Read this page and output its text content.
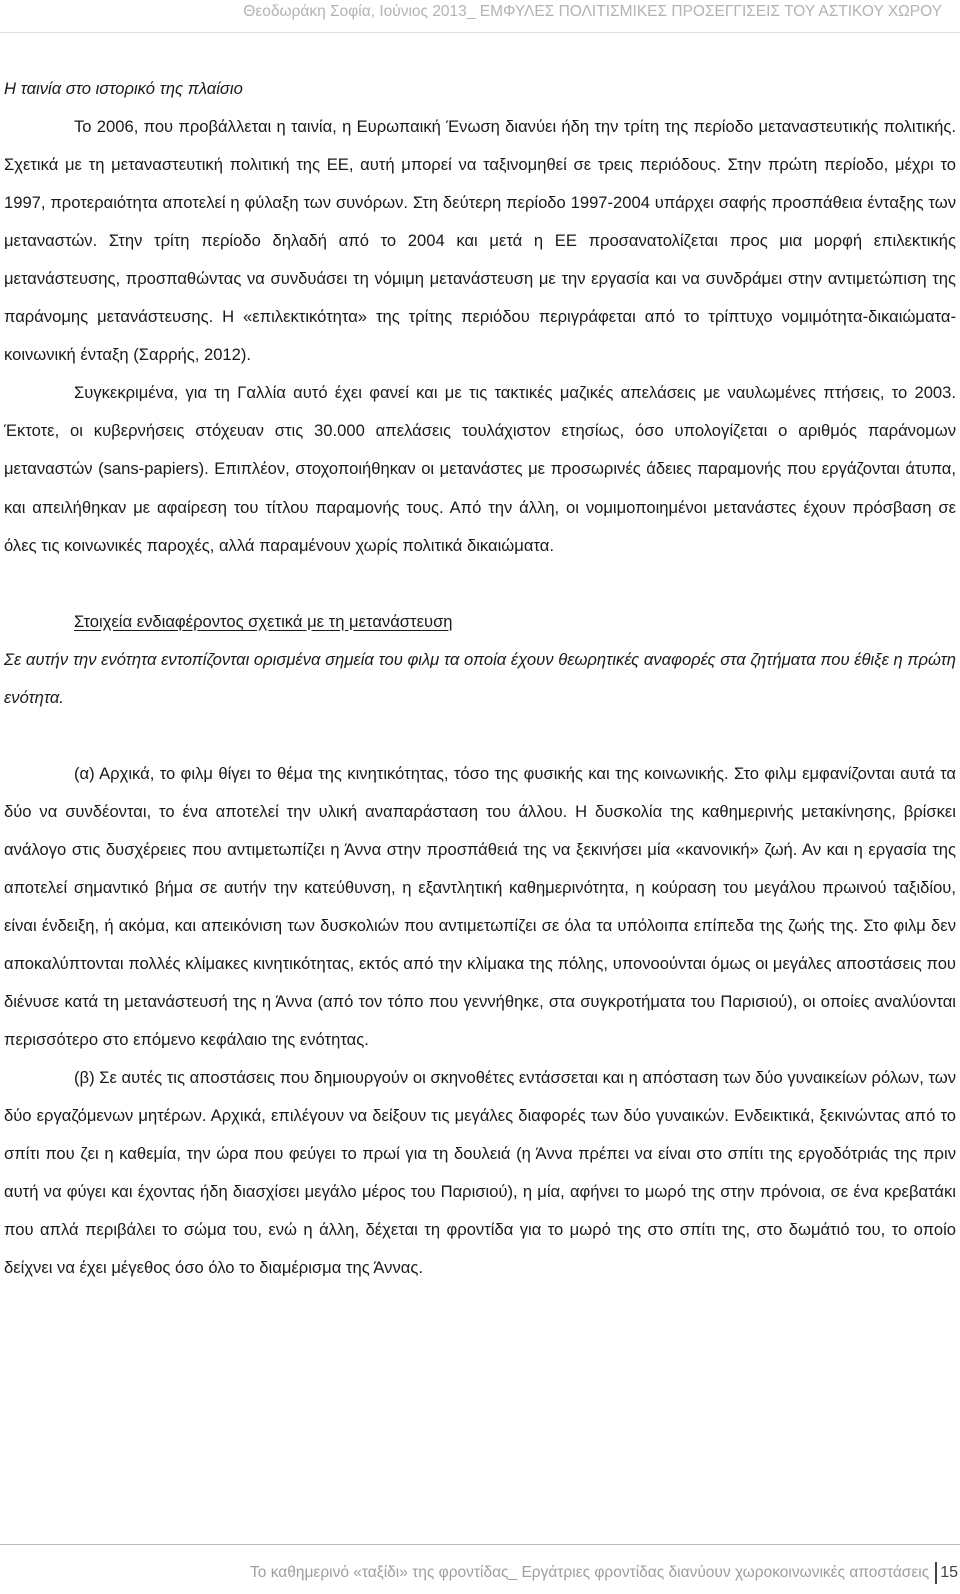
Θεοδωράκη Σοφία, Ιούνιος 2013_ ΕΜΦΥΛΕΣ ΠΟΛΙΤΙΣΜΙΚΕΣ ΠΡΟΣΕΓΓΙΣΕΙΣ ΤΟΥ ΑΣΤΙΚΟΥ ΧΩΡΟΥ

Η ταινία στο ιστορικό της πλαίσιο

Το 2006, που προβάλλεται η ταινία, η Ευρωπαική Ένωση διανύει ήδη την τρίτη της περίοδο μεταναστευτικής πολιτικής. Σχετικά με τη μεταναστευτική πολιτική της ΕΕ, αυτή μπορεί να ταξινομηθεί σε τρεις περιόδους. Στην πρώτη περίοδο, μέχρι το 1997, προτεραιότητα αποτελεί η φύλαξη των συνόρων. Στη δεύτερη περίοδο 1997-2004 υπάρχει σαφής προσπάθεια ένταξης των μεταναστών. Στην τρίτη περίοδο δηλαδή από το 2004 και μετά η ΕΕ προσανατολίζεται προς μια μορφή επιλεκτικής μετανάστευσης, προσπαθώντας να συνδυάσει τη νόμιμη μετανάστευση με την εργασία και να συνδράμει στην αντιμετώπιση της παράνομης μετανάστευσης. Η «επιλεκτικότητα» της τρίτης περιόδου περιγράφεται από το τρίπτυχο νομιμότητα-δικαιώματα-κοινωνική ένταξη (Σαρρής, 2012).

Συγκεκριμένα, για τη Γαλλία αυτό έχει φανεί και με τις τακτικές μαζικές απελάσεις με ναυλωμένες πτήσεις, το 2003. Έκτοτε, οι κυβερνήσεις στόχευαν στις 30.000 απελάσεις τουλάχιστον ετησίως, όσο υπολογίζεται ο αριθμός παράνομων μεταναστών (sans-papiers). Επιπλέον, στοχοποιήθηκαν οι μετανάστες με προσωρινές άδειες παραμονής που εργάζονται άτυπα, και απειλήθηκαν με αφαίρεση του τίτλου παραμονής τους. Από την άλλη, οι νομιμοποιημένοι μετανάστες έχουν πρόσβαση σε όλες τις κοινωνικές παροχές, αλλά παραμένουν χωρίς πολιτικά δικαιώματα.

Στοιχεία ενδιαφέροντος σχετικά με τη μετανάστευση

Σε αυτήν την ενότητα εντοπίζονται ορισμένα σημεία του φιλμ τα οποία έχουν θεωρητικές αναφορές στα ζητήματα που έθιξε η πρώτη ενότητα.

(α) Αρχικά, το φιλμ θίγει το θέμα της κινητικότητας, τόσο της φυσικής και της κοινωνικής. Στο φιλμ εμφανίζονται αυτά τα δύο να συνδέονται, το ένα αποτελεί την υλική αναπαράσταση του άλλου. Η δυσκολία της καθημερινής μετακίνησης, βρίσκει ανάλογο στις δυσχέρειες που αντιμετωπίζει η Άννα στην προσπάθειά της να ξεκινήσει μία «κανονική» ζωή. Αν και η εργασία της αποτελεί σημαντικό βήμα σε αυτήν την κατεύθυνση, η εξαντλητική καθημερινότητα, η κούραση του μεγάλου πρωινού ταξιδίου, είναι ένδειξη, ή ακόμα, και απεικόνιση των δυσκολιών που αντιμετωπίζει σε όλα τα υπόλοιπα επίπεδα της ζωής της. Στο φιλμ δεν αποκαλύπτονται πολλές κλίμακες κινητικότητας, εκτός από την κλίμακα της πόλης, υπονοούνται όμως οι μεγάλες αποστάσεις που διένυσε κατά τη μετανάστευσή της η Άννα (από τον τόπο που γεννήθηκε, στα συγκροτήματα του Παρισιού), οι οποίες αναλύονται περισσότερο στο επόμενο κεφάλαιο της ενότητας.

(β) Σε αυτές τις αποστάσεις που δημιουργούν οι σκηνοθέτες εντάσσεται και η απόσταση των δύο γυναικείων ρόλων, των δύο εργαζόμενων μητέρων. Αρχικά, επιλέγουν να δείξουν τις μεγάλες διαφορές των δύο γυναικών. Ενδεικτικά, ξεκινώντας από το σπίτι που ζει η καθεμία, την ώρα που φεύγει το πρωί για τη δουλειά (η Άννα πρέπει να είναι στο σπίτι της εργοδότριάς της πριν αυτή να φύγει και έχοντας ήδη διασχίσει μεγάλο μέρος του Παρισιού), η μία, αφήνει το μωρό της στην πρόνοια, σε ένα κρεβατάκι που απλά περιβάλει το σώμα του, ενώ η άλλη, δέχεται τη φροντίδα για το μωρό της στο σπίτι της, στο δωμάτιό του, το οποίο δείχνει να έχει μέγεθος όσο όλο το διαμέρισμα της Άννας.

Το καθημερινό «ταξίδι» της φροντίδας_ Εργάτριες φροντίδας διανύουν χωροκοινωνικές αποστάσεις 15
